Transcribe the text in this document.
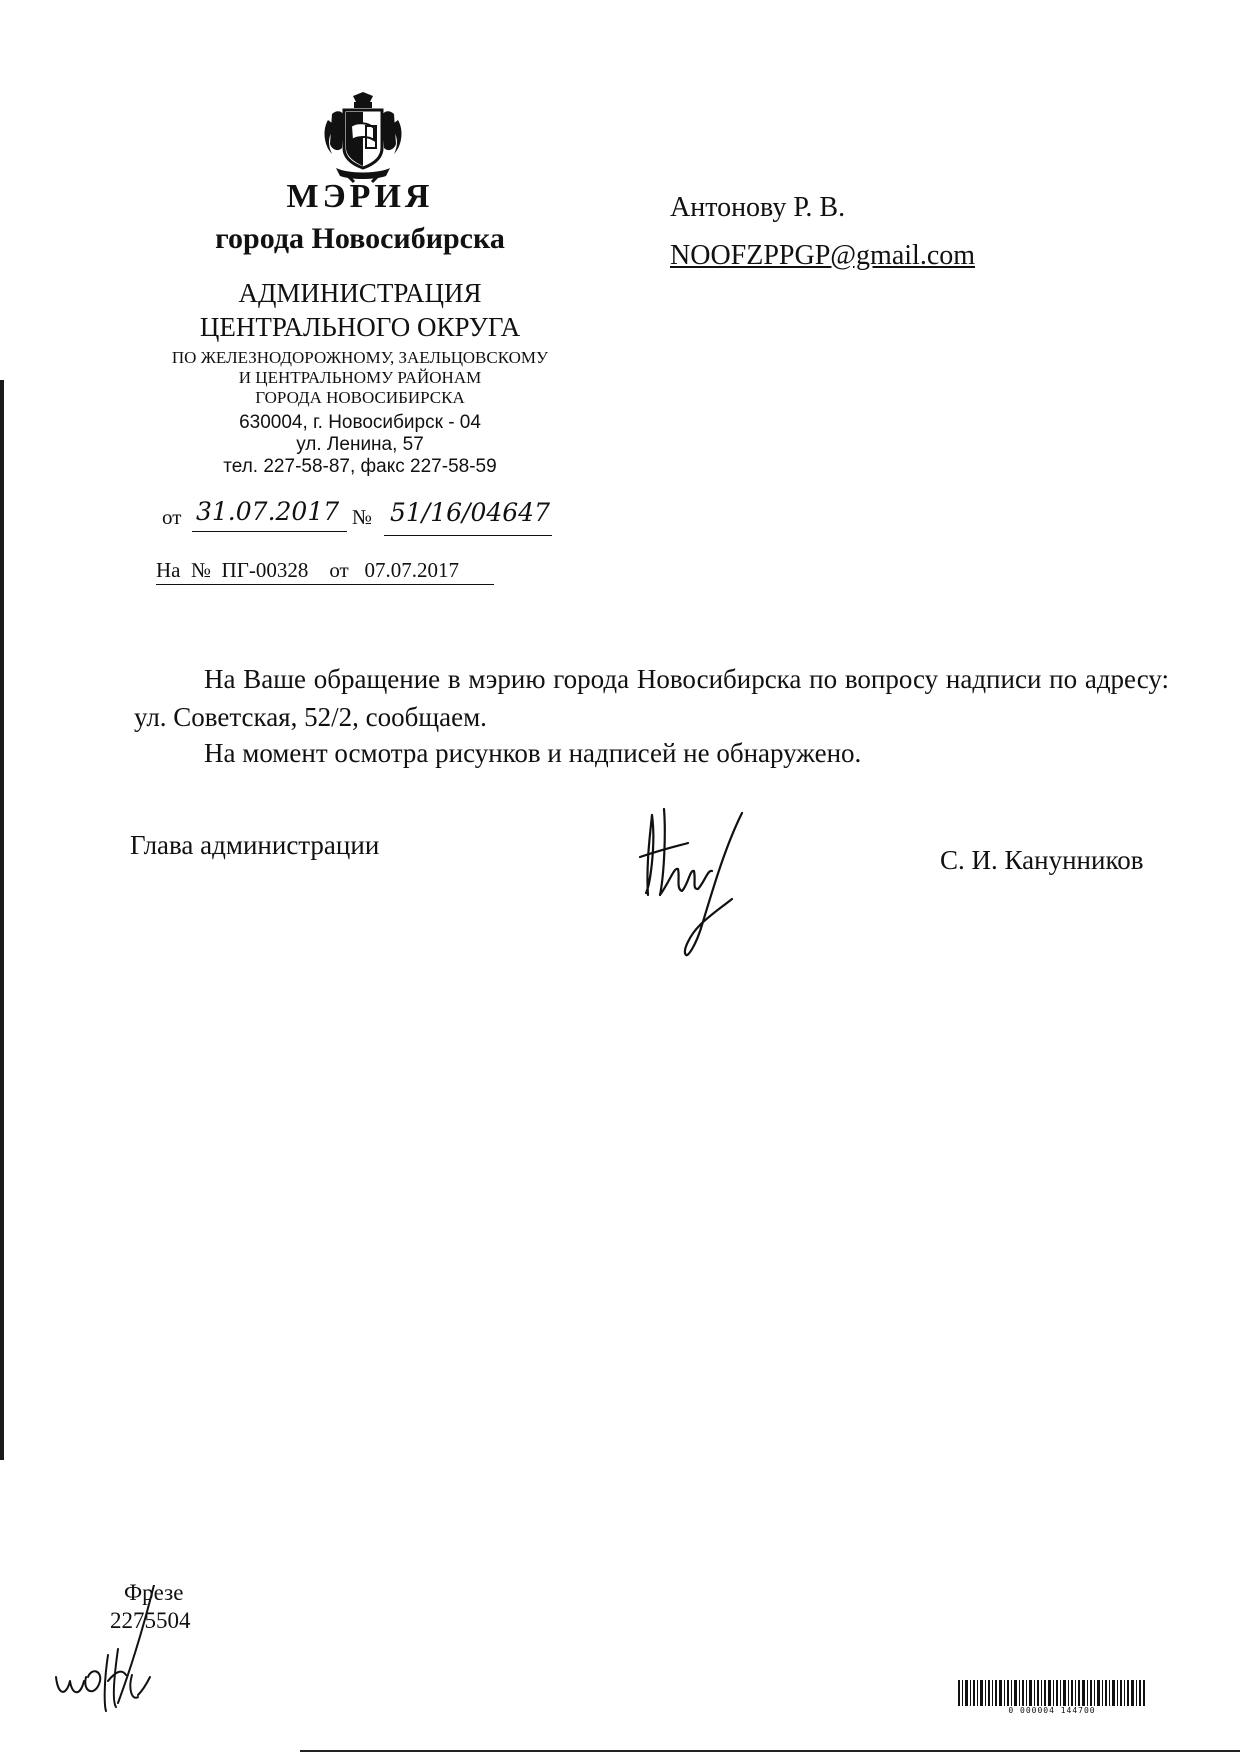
МЭРИЯ
города Новосибирска
АДМИНИСТРАЦИЯ
ЦЕНТРАЛЬНОГО ОКРУГА
ПО ЖЕЛЕЗНОДОРОЖНОМУ, ЗАЕЛЬЦОВСКОМУ
И ЦЕНТРАЛЬНОМУ РАЙОНАМ
ГОРОДА НОВОСИБИРСКА
630004, г. Новосибирск - 04
ул. Ленина, 57
тел. 227-58-87, факс 227-58-59
от 31.07.2017 № 51/16/04647
На  №  ПГ-00328    от   07.07.2017
Антонову Р. В.
NOOFZPPGP@gmail.com
На Ваше обращение в мэрию города Новосибирска по вопросу надписи по адресу: ул. Советская, 52/2, сообщаем.
На момент осмотра рисунков и надписей не обнаружено.
Глава администрации	С. И. Канунников
Фрезе
2275504
0 000004 144700
